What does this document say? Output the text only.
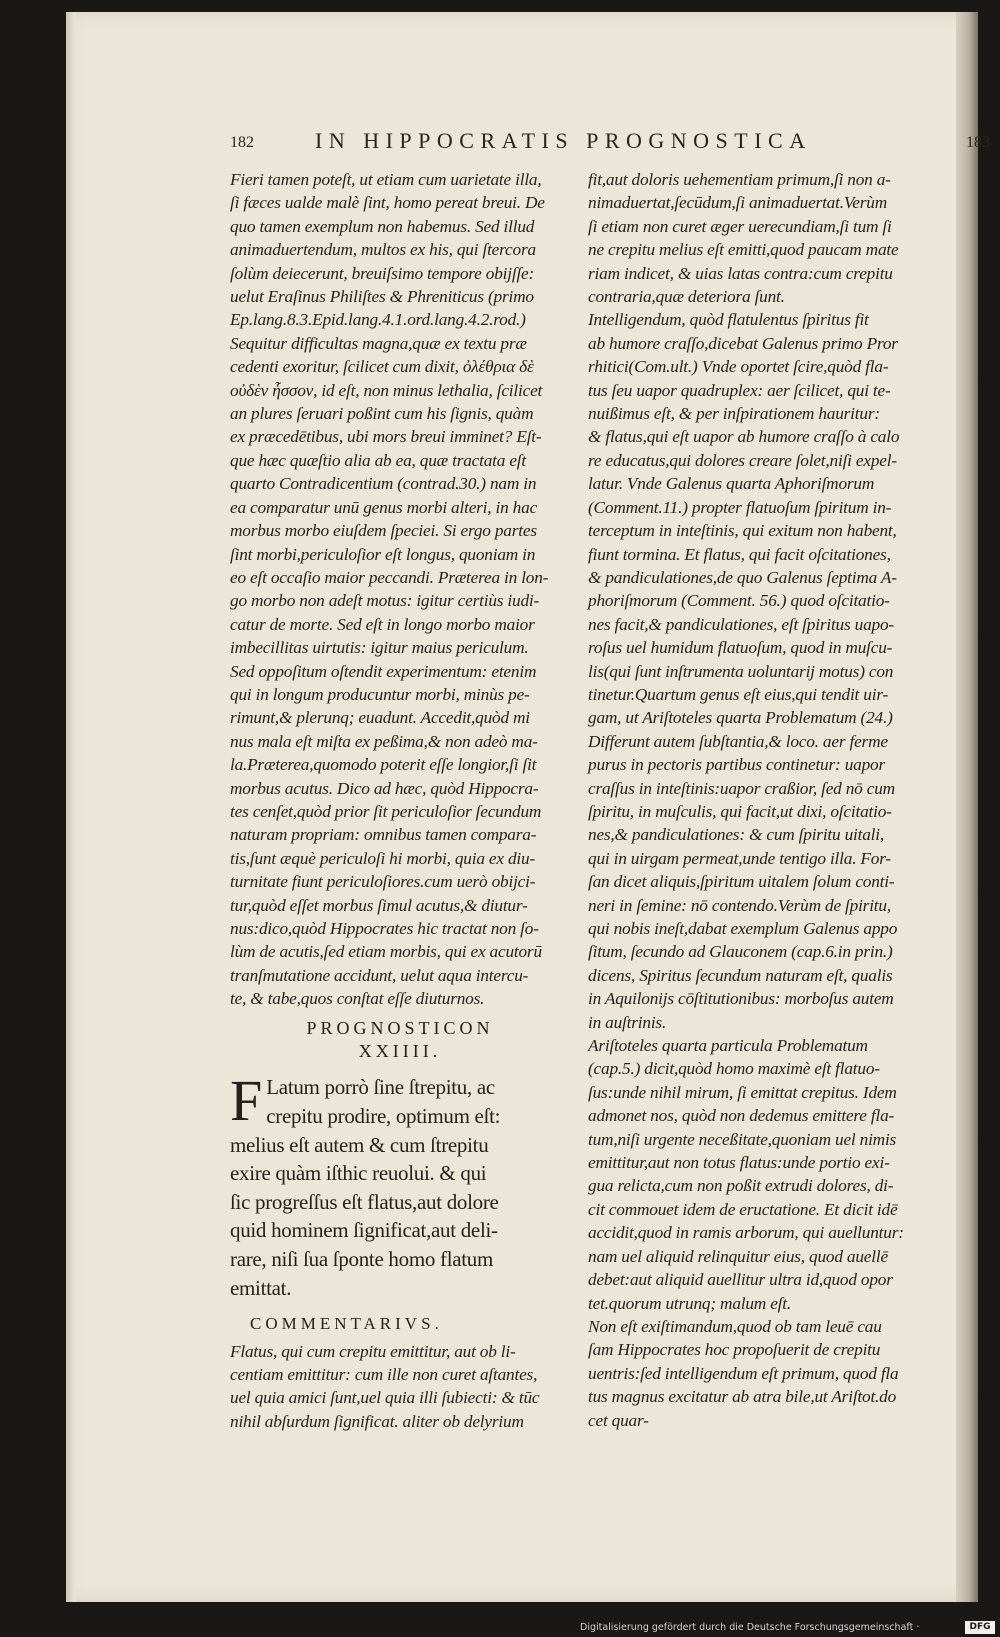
182	IN HIPPOCRATIS PROGNOSTICA	183

Fieri tamen poteſt, ut etiam cum uarietate illa,

ſi fæces ualde malè ſint, homo pereat breui. De

quo tamen exemplum non habemus. Sed illud

animaduertendum, multos ex his, qui ſtercora

ſolùm deiecerunt, breuiſsimo tempore obijſſe:

uelut Eraſinus Philiſtes & Phreniticus (primo

Ep.lang.8.3.Epid.lang.4.1.ord.lang.4.2.rod.)

Sequitur difficultas magna,quæ ex textu præ

cedenti exoritur, ſcilicet cum dixit, ὀλέθρια δὲ

οὐδὲν ἧσσον, id eſt, non minus lethalia, ſcilicet

an plures ſeruari poßint cum his ſignis, quàm

ex præcedētibus, ubi mors breui imminet? Eſt-

que hæc quæſtio alia ab ea, quæ tractata eſt

quarto Contradicentium (contrad.30.) nam in

ea comparatur unū genus morbi alteri, in hac

morbus morbo eiuſdem ſpeciei. Si ergo partes

ſint morbi,periculoſior eſt longus, quoniam in

eo eſt occaſio maior peccandi. Præterea in lon-

go morbo non adeſt motus: igitur certiùs iudi-

catur de morte. Sed eſt in longo morbo maior

imbecillitas uirtutis: igitur maius periculum.

Sed oppoſitum oſtendit experimentum: etenim

qui in longum producuntur morbi, minùs pe-

rimunt,& plerunq; euadunt. Accedit,quòd mi

nus mala eſt miſta ex peßima,& non adeò ma-

la.Præterea,quomodo poterit eſſe longior,ſi ſit

morbus acutus. Dico ad hæc, quòd Hippocra-

tes cenſet,quòd prior ſit periculoſior ſecundum

naturam propriam: omnibus tamen compara-

tis,ſunt æquè periculoſi hi morbi, quia ex diu-

turnitate fiunt periculoſiores.cum uerò obijci-

tur,quòd eſſet morbus ſimul acutus,& diutur-

nus:dico,quòd Hippocrates hic tractat non ſo-

lùm de acutis,ſed etiam morbis, qui ex acutorū

tranſmutatione accidunt, uelut aqua intercu-

te, & tabe,quos conſtat eſſe diuturnos.

PROGNOSTICON
XXIIII.
F Latum porrò ſine ſtrepitu, ac

crepitu prodire, optimum eſt:

melius eſt autem & cum ſtrepitu

exire quàm iſthic reuolui. & qui

ſic progreſſus eſt flatus,aut dolore

quid hominem ſignificat,aut deli-

rare, niſi ſua ſponte homo flatum

emittat.

COMMENTARIVS.

Flatus, qui cum crepitu emittitur, aut ob li-

centiam emittitur: cum ille non curet aſtantes,

uel quia amici ſunt,uel quia illi ſubiecti: & tūc

nihil abſurdum ſignificat. aliter ob delyrium

fit,aut doloris uehementiam primum,ſi non a-

nimaduertat,ſecūdum,ſi animaduertat.Verùm

ſi etiam non curet æger uerecundiam,ſi tum ſi

ne crepitu melius eſt emitti,quod paucam mate

riam indicet, & uias latas contra:cum crepitu

contraria,quæ deteriora ſunt.

Intelligendum, quòd flatulentus ſpiritus fit

ab humore craſſo,dicebat Galenus primo Pror

rhitici(Com.ult.) Vnde oportet ſcire,quòd fla-

tus ſeu uapor quadruplex: aer ſcilicet, qui te-

nuißimus eſt, & per inſpirationem hauritur:

& flatus,qui eſt uapor ab humore craſſo à calo

re educatus,qui dolores creare ſolet,niſi expel-

latur. Vnde Galenus quarta Aphoriſmorum

(Comment.11.) propter flatuoſum ſpiritum in-

terceptum in inteſtinis, qui exitum non habent,

fiunt tormina. Et flatus, qui facit oſcitationes,

& pandiculationes,de quo Galenus ſeptima A-

phoriſmorum (Comment. 56.) quod oſcitatio-

nes facit,& pandiculationes, eſt ſpiritus uapo-

roſus uel humidum flatuoſum, quod in muſcu-

lis(qui ſunt inſtrumenta uoluntarij motus) con

tinetur.Quartum genus eſt eius,qui tendit uir-

gam, ut Ariſtoteles quarta Problematum (24.)

Differunt autem ſubſtantia,& loco. aer ferme

purus in pectoris partibus continetur: uapor

craſſus in inteſtinis:uapor craßior, ſed nō cum

ſpiritu, in muſculis, qui facit,ut dixi, oſcitatio-

nes,& pandiculationes: & cum ſpiritu uitali,

qui in uirgam permeat,unde tentigo illa. For-

ſan dicet aliquis,ſpiritum uitalem ſolum conti-

neri in ſemine: nō contendo.Verùm de ſpiritu,

qui nobis ineſt,dabat exemplum Galenus appo

ſitum, ſecundo ad Glauconem (cap.6.in prin.)

dicens, Spiritus ſecundum naturam eſt, qualis

in Aquilonijs cōſtitutionibus: morboſus autem

in auſtrinis.

Ariſtoteles quarta particula Problematum

(cap.5.) dicit,quòd homo maximè eſt flatuo-

ſus:unde nihil mirum, ſi emittat crepitus. Idem

admonet nos, quòd non dedemus emittere fla-

tum,niſi urgente neceßitate,quoniam uel nimis

emittitur,aut non totus flatus:unde portio exi-

gua relicta,cum non poßit extrudi dolores, di-

cit commouet idem de eructatione. Et dicit idē

accidit,quod in ramis arborum, qui auelluntur:

nam uel aliquid relinquitur eius, quod auellē

debet:aut aliquid auellitur ultra id,quod opor

tet.quorum utrunq; malum eſt.

Non eſt exiſtimandum,quod ob tam leuē cau

ſam Hippocrates hoc propoſuerit de crepitu

uentris:ſed intelligendum eſt primum, quod fla

tus magnus excitatur ab atra bile,ut Ariſtot.do

cet quar-

Digitalisierung gefördert durch die Deutsche Forschungsgemeinschaft ·	DFG
